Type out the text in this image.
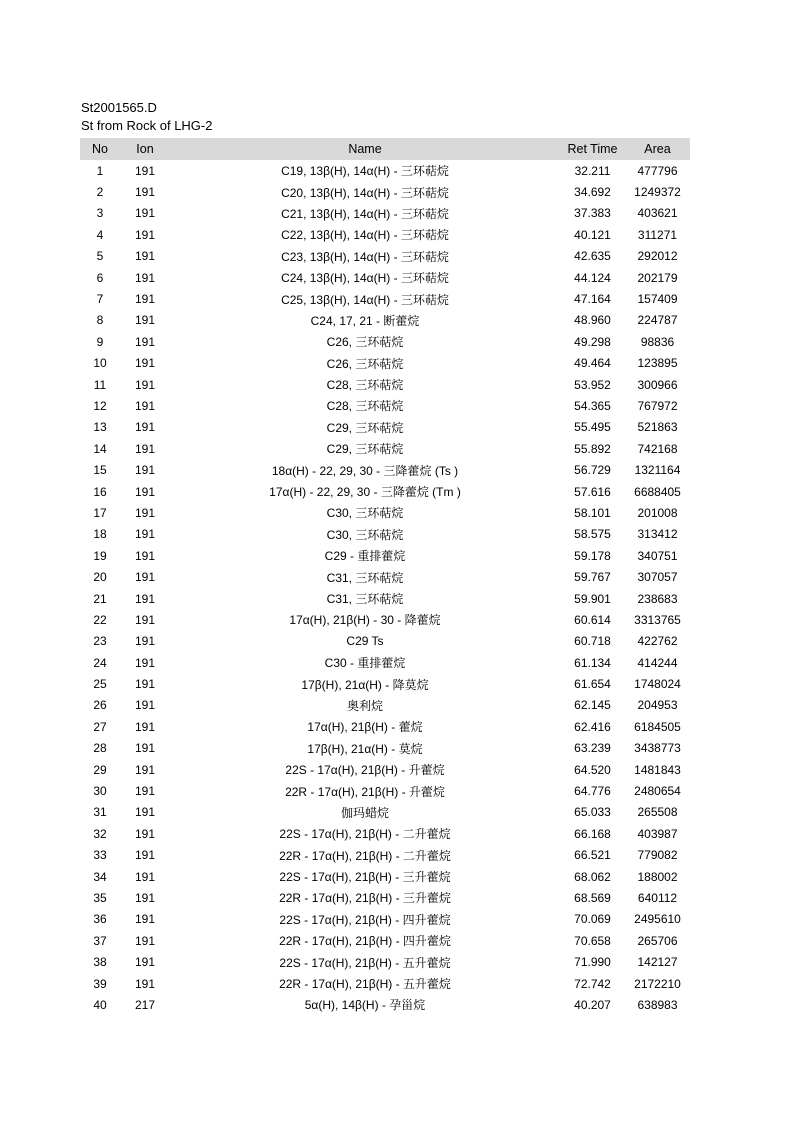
St2001565.D
St from Rock of LHG-2
No	Ion	Name	Ret Time	Area
1	191	C19, 13β(H), 14α(H) - 三环萜烷	32.211	477796
2	191	C20, 13β(H), 14α(H) - 三环萜烷	34.692	1249372
3	191	C21, 13β(H), 14α(H) - 三环萜烷	37.383	403621
4	191	C22, 13β(H), 14α(H) - 三环萜烷	40.121	311271
5	191	C23, 13β(H), 14α(H) - 三环萜烷	42.635	292012
6	191	C24, 13β(H), 14α(H) - 三环萜烷	44.124	202179
7	191	C25, 13β(H), 14α(H) - 三环萜烷	47.164	157409
8	191	C24, 17, 21 - 断藿烷	48.960	224787
9	191	C26, 三环萜烷	49.298	98836
10	191	C26, 三环萜烷	49.464	123895
11	191	C28, 三环萜烷	53.952	300966
12	191	C28, 三环萜烷	54.365	767972
13	191	C29, 三环萜烷	55.495	521863
14	191	C29, 三环萜烷	55.892	742168
15	191	18α(H) - 22, 29, 30 - 三降藿烷 (Ts )	56.729	1321164
16	191	17α(H) - 22, 29, 30 - 三降藿烷 (Tm )	57.616	6688405
17	191	C30, 三环萜烷	58.101	201008
18	191	C30, 三环萜烷	58.575	313412
19	191	C29 - 重排藿烷	59.178	340751
20	191	C31, 三环萜烷	59.767	307057
21	191	C31, 三环萜烷	59.901	238683
22	191	17α(H), 21β(H) - 30 - 降藿烷	60.614	3313765
23	191	C29 Ts	60.718	422762
24	191	C30 - 重排藿烷	61.134	414244
25	191	17β(H), 21α(H) - 降莫烷	61.654	1748024
26	191	奥利烷	62.145	204953
27	191	17α(H), 21β(H) - 藿烷	62.416	6184505
28	191	17β(H), 21α(H) - 莫烷	63.239	3438773
29	191	22S - 17α(H), 21β(H) - 升藿烷	64.520	1481843
30	191	22R - 17α(H), 21β(H) - 升藿烷	64.776	2480654
31	191	伽玛蜡烷	65.033	265508
32	191	22S - 17α(H), 21β(H) - 二升藿烷	66.168	403987
33	191	22R - 17α(H), 21β(H) - 二升藿烷	66.521	779082
34	191	22S - 17α(H), 21β(H) - 三升藿烷	68.062	188002
35	191	22R - 17α(H), 21β(H) - 三升藿烷	68.569	640112
36	191	22S - 17α(H), 21β(H) - 四升藿烷	70.069	2495610
37	191	22R - 17α(H), 21β(H) - 四升藿烷	70.658	265706
38	191	22S - 17α(H), 21β(H) - 五升藿烷	71.990	142127
39	191	22R - 17α(H), 21β(H) - 五升藿烷	72.742	2172210
40	217	5α(H), 14β(H) - 孕甾烷	40.207	638983
